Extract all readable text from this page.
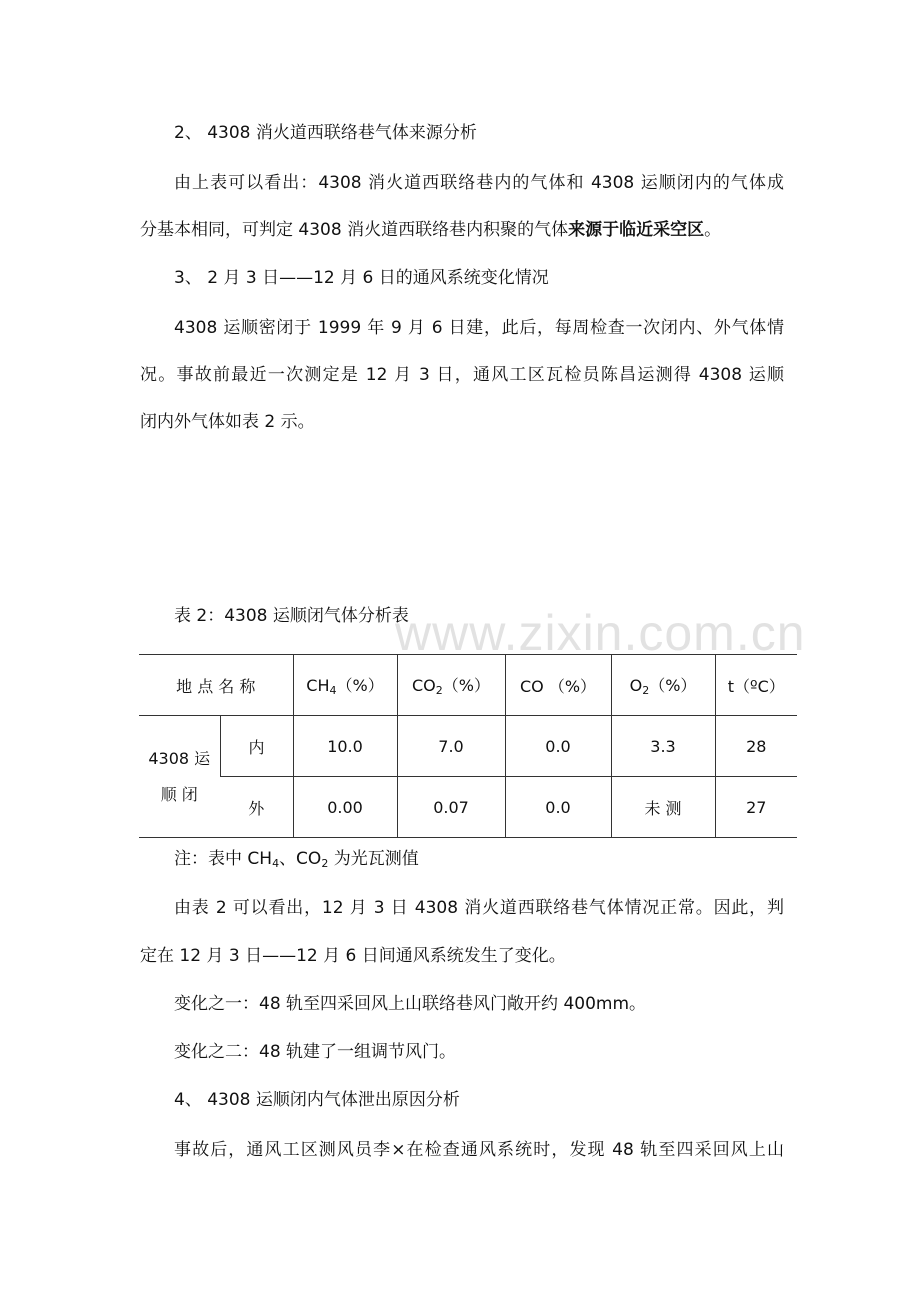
www.zixin.com.cn
2、 4308 消火道西联络巷气体来源分析
由上表可以看出：4308 消火道西联络巷内的气体和 4308 运顺闭内的气体成
分基本相同，可判定 4308 消火道西联络巷内积聚的气体来源于临近采空区。
3、 2 月 3 日——12 月 6 日的通风系统变化情况
4308 运顺密闭于 1999 年 9 月 6 日建，此后，每周检查一次闭内、外气体情
况。事故前最近一次测定是 12 月 3 日，通风工区瓦检员陈昌运测得 4308 运顺
闭内外气体如表 2 示。
表 2：4308 运顺闭气体分析表
地 点 名 称		$CH_4(\%)$	$CO_2(\%)$	CO （%）	$O_2(\%)$	t（ºC）

4308 运
顺 闭	内	10.0	7.0	0.0	3.3	28
	外	0.00	0.07	0.0	未 测	27
注：表中 $CH_4$、$CO_2$ 为光瓦测值
由表 2 可以看出，12 月 3 日 4308 消火道西联络巷气体情况正常。因此，判
定在 12 月 3 日——12 月 6 日间通风系统发生了变化。
变化之一：48 轨至四采回风上山联络巷风门敞开约 400mm。
变化之二：48 轨建了一组调节风门。
4、 4308 运顺闭内气体泄出原因分析
事故后，通风工区测风员李×在检查通风系统时，发现 48 轨至四采回风上山
